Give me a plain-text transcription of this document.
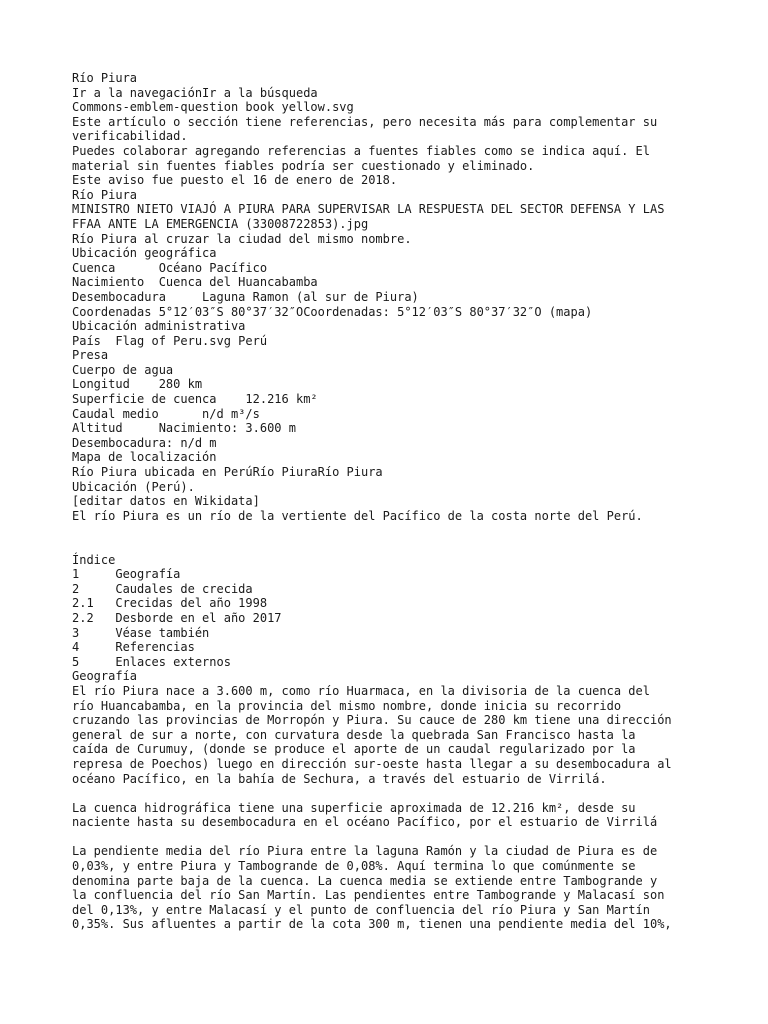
Río Piura
Ir a la navegaciónIr a la búsqueda
Commons-emblem-question book yellow.svg
Este artículo o sección tiene referencias, pero necesita más para complementar su
verificabilidad.
Puedes colaborar agregando referencias a fuentes fiables como se indica aquí. El
material sin fuentes fiables podría ser cuestionado y eliminado.
Este aviso fue puesto el 16 de enero de 2018.
Río Piura
MINISTRO NIETO VIAJÓ A PIURA PARA SUPERVISAR LA RESPUESTA DEL SECTOR DEFENSA Y LAS
FFAA ANTE LA EMERGENCIA (33008722853).jpg
Río Piura al cruzar la ciudad del mismo nombre.
Ubicación geográfica
Cuenca      Océano Pacífico
Nacimiento  Cuenca del Huancabamba
Desembocadura     Laguna Ramon (al sur de Piura)
Coordenadas 5°12′03″S 80°37′32″OCoordenadas: 5°12′03″S 80°37′32″O (mapa)
Ubicación administrativa
País  Flag of Peru.svg Perú
Presa
Cuerpo de agua
Longitud    280 km
Superficie de cuenca    12.216 km²
Caudal medio      n/d m³/s
Altitud     Nacimiento: 3.600 m
Desembocadura: n/d m
Mapa de localización
Río Piura ubicada en PerúRío PiuraRío Piura
Ubicación (Perú).
[editar datos en Wikidata]
El río Piura es un río de la vertiente del Pacífico de la costa norte del Perú.
Índice
1     Geografía
2     Caudales de crecida
2.1   Crecidas del año 1998
2.2   Desborde en el año 2017
3     Véase también
4     Referencias
5     Enlaces externos
Geografía
El río Piura nace a 3.600 m, como río Huarmaca, en la divisoria de la cuenca del
río Huancabamba, en la provincia del mismo nombre, donde inicia su recorrido
cruzando las provincias de Morropón y Piura. Su cauce de 280 km tiene una dirección
general de sur a norte, con curvatura desde la quebrada San Francisco hasta la
caída de Curumuy, (donde se produce el aporte de un caudal regularizado por la
represa de Poechos) luego en dirección sur-oeste hasta llegar a su desembocadura al
océano Pacífico, en la bahía de Sechura, a través del estuario de Virrilá.
La cuenca hidrográfica tiene una superficie aproximada de 12.216 km², desde su
naciente hasta su desembocadura en el océano Pacífico, por el estuario de Virrilá
La pendiente media del río Piura entre la laguna Ramón y la ciudad de Piura es de
0,03%, y entre Piura y Tambogrande de 0,08%. Aquí termina lo que comúnmente se
denomina parte baja de la cuenca. La cuenca media se extiende entre Tambogrande y
la confluencia del río San Martín. Las pendientes entre Tambogrande y Malacasí son
del 0,13%, y entre Malacasí y el punto de confluencia del río Piura y San Martín
0,35%. Sus afluentes a partir de la cota 300 m, tienen una pendiente media del 10%,
